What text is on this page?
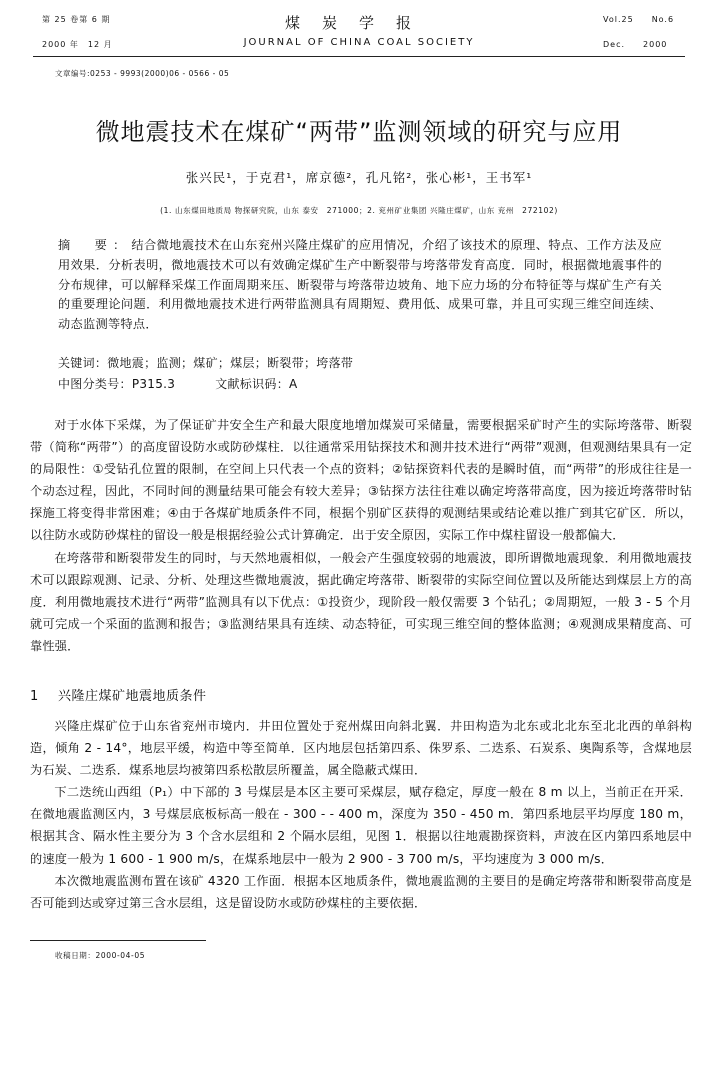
第 25 卷第 6 期
2000 年　12 月
煤炭学报
JOURNAL OF CHINA COAL SOCIETY
Vol.25　　No.6
Dec.　　2000
文章编号:0253 - 9993(2000)06 - 0566 - 05
微地震技术在煤矿“两带”监测领域的研究与应用
张兴民¹，于克君¹，席京德²，孔凡铭²，张心彬¹，王书军¹
(1. 山东煤田地质局 物探研究院，山东 泰安　271000；2. 兖州矿业集团 兴隆庄煤矿，山东 兖州　272102)
摘　要：结合微地震技术在山东兖州兴隆庄煤矿的应用情况，介绍了该技术的原理、特点、工作方法及应用效果．分析表明，微地震技术可以有效确定煤矿生产中断裂带与垮落带发育高度．同时，根据微地震事件的分布规律，可以解释采煤工作面周期来压、断裂带与垮落带边坡角、地下应力场的分布特征等与煤矿生产有关的重要理论问题．利用微地震技术进行两带监测具有周期短、费用低、成果可靠，并且可实现三维空间连续、动态监测等特点．
关键词：微地震；监测；煤矿；煤层；断裂带；垮落带
中图分类号：P315.3	文献标识码：A

对于水体下采煤，为了保证矿井安全生产和最大限度地增加煤炭可采储量，需要根据采矿时产生的实际垮落带、断裂带（简称“两带”）的高度留设防水或防砂煤柱．以往通常采用钻探技术和测井技术进行“两带”观测，但观测结果具有一定的局限性：①受钻孔位置的限制，在空间上只代表一个点的资料；②钻探资料代表的是瞬时值，而“两带”的形成往往是一个动态过程，因此，不同时间的测量结果可能会有较大差异；③钻探方法往往难以确定垮落带高度，因为接近垮落带时钻探施工将变得非常困难；④由于各煤矿地质条件不同，根据个别矿区获得的观测结果或结论难以推广到其它矿区．所以，以往防水或防砂煤柱的留设一般是根据经验公式计算确定．出于安全原因，实际工作中煤柱留设一般都偏大．

在垮落带和断裂带发生的同时，与天然地震相似，一般会产生强度较弱的地震波，即所谓微地震现象．利用微地震技术可以跟踪观测、记录、分析、处理这些微地震波，据此确定垮落带、断裂带的实际空间位置以及所能达到煤层上方的高度．利用微地震技术进行“两带”监测具有以下优点：①投资少，现阶段一般仅需要 3 个钻孔；②周期短，一般 3 - 5 个月就可完成一个采面的监测和报告；③监测结果具有连续、动态特征，可实现三维空间的整体监测；④观测成果精度高、可靠性强．

1 兴隆庄煤矿地震地质条件

兴隆庄煤矿位于山东省兖州市境内．井田位置处于兖州煤田向斜北翼．井田构造为北东或北北东至北北西的单斜构造，倾角 2 - 14°，地层平缓，构造中等至简单．区内地层包括第四系、侏罗系、二迭系、石炭系、奥陶系等，含煤地层为石炭、二迭系．煤系地层均被第四系松散层所覆盖，属全隐蔽式煤田．

下二迭统山西组（P₁）中下部的 3 号煤层是本区主要可采煤层，赋存稳定，厚度一般在 8 m 以上，当前正在开采．在微地震监测区内，3 号煤层底板标高一般在 - 300 - - 400 m，深度为 350 - 450 m．第四系地层平均厚度 180 m，根据其含、隔水性主要分为 3 个含水层组和 2 个隔水层组，见图 1．根据以往地震勘探资料，声波在区内第四系地层中的速度一般为 1 600 - 1 900 m/s，在煤系地层中一般为 2 900 - 3 700 m/s，平均速度为 3 000 m/s．

本次微地震监测布置在该矿 4320 工作面．根据本区地质条件，微地震监测的主要目的是确定垮落带和断裂带高度是否可能到达或穿过第三含水层组，这是留设防水或防砂煤柱的主要依据．

收稿日期：2000-04-05
